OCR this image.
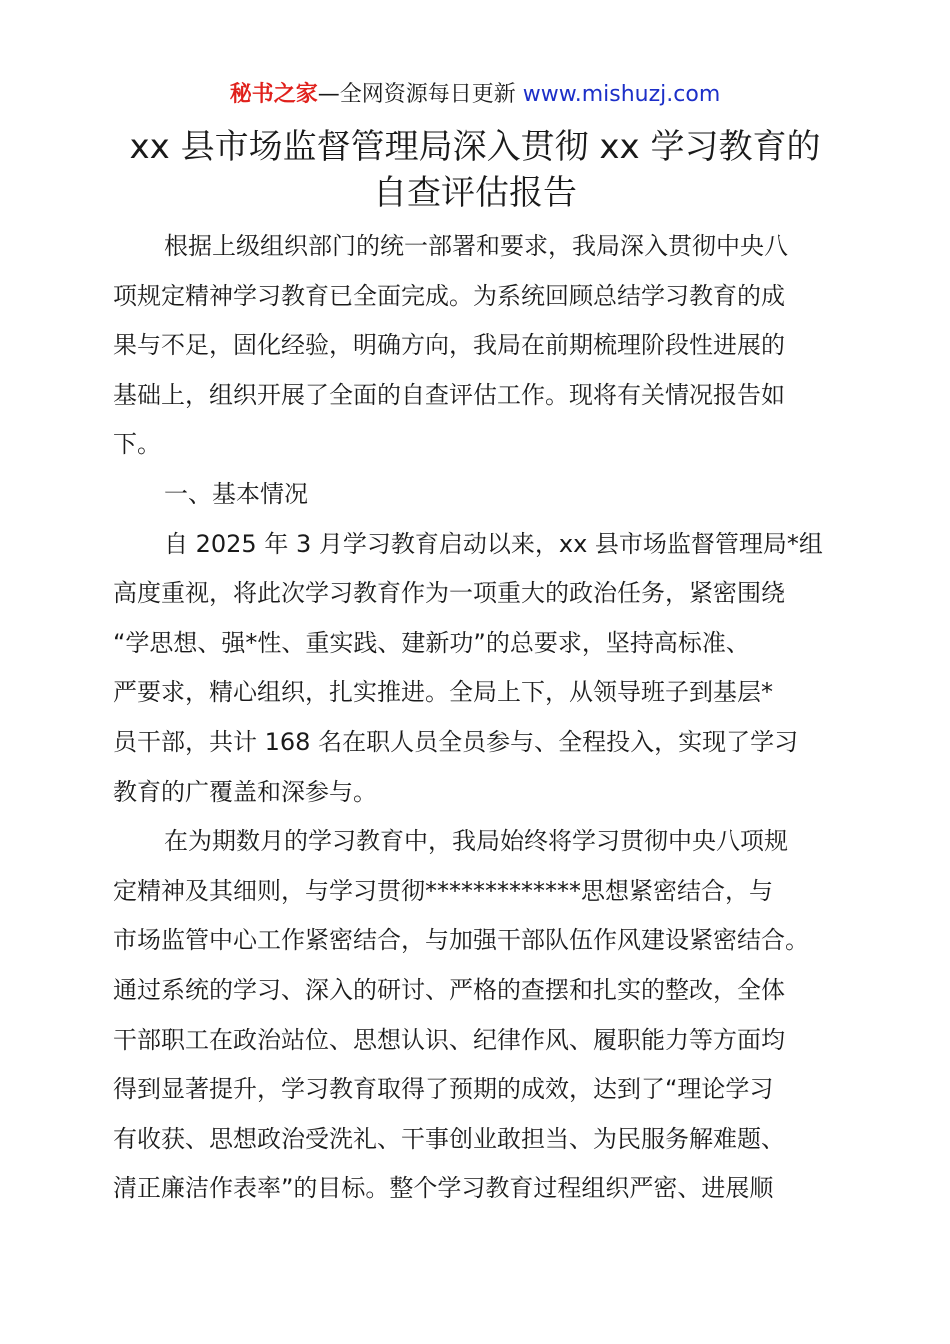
秘书之家—全网资源每日更新 www.mishuzj.com
xx 县市场监督管理局深入贯彻 xx 学习教育的
自查评估报告
根据上级组织部门的统一部署和要求，我局深入贯彻中央八
项规定精神学习教育已全面完成。为系统回顾总结学习教育的成
果与不足，固化经验，明确方向，我局在前期梳理阶段性进展的
基础上，组织开展了全面的自查评估工作。现将有关情况报告如
下。
一、基本情况
自 2025 年 3 月学习教育启动以来，xx 县市场监督管理局*组
高度重视，将此次学习教育作为一项重大的政治任务，紧密围绕
“学思想、强*性、重实践、建新功”的总要求，坚持高标准、
严要求，精心组织，扎实推进。全局上下，从领导班子到基层*
员干部，共计 168 名在职人员全员参与、全程投入，实现了学习
教育的广覆盖和深参与。
在为期数月的学习教育中，我局始终将学习贯彻中央八项规
定精神及其细则，与学习贯彻*************思想紧密结合，与
市场监管中心工作紧密结合，与加强干部队伍作风建设紧密结合。
通过系统的学习、深入的研讨、严格的查摆和扎实的整改，全体
干部职工在政治站位、思想认识、纪律作风、履职能力等方面均
得到显著提升，学习教育取得了预期的成效，达到了“理论学习
有收获、思想政治受洗礼、干事创业敢担当、为民服务解难题、
清正廉洁作表率”的目标。整个学习教育过程组织严密、进展顺
